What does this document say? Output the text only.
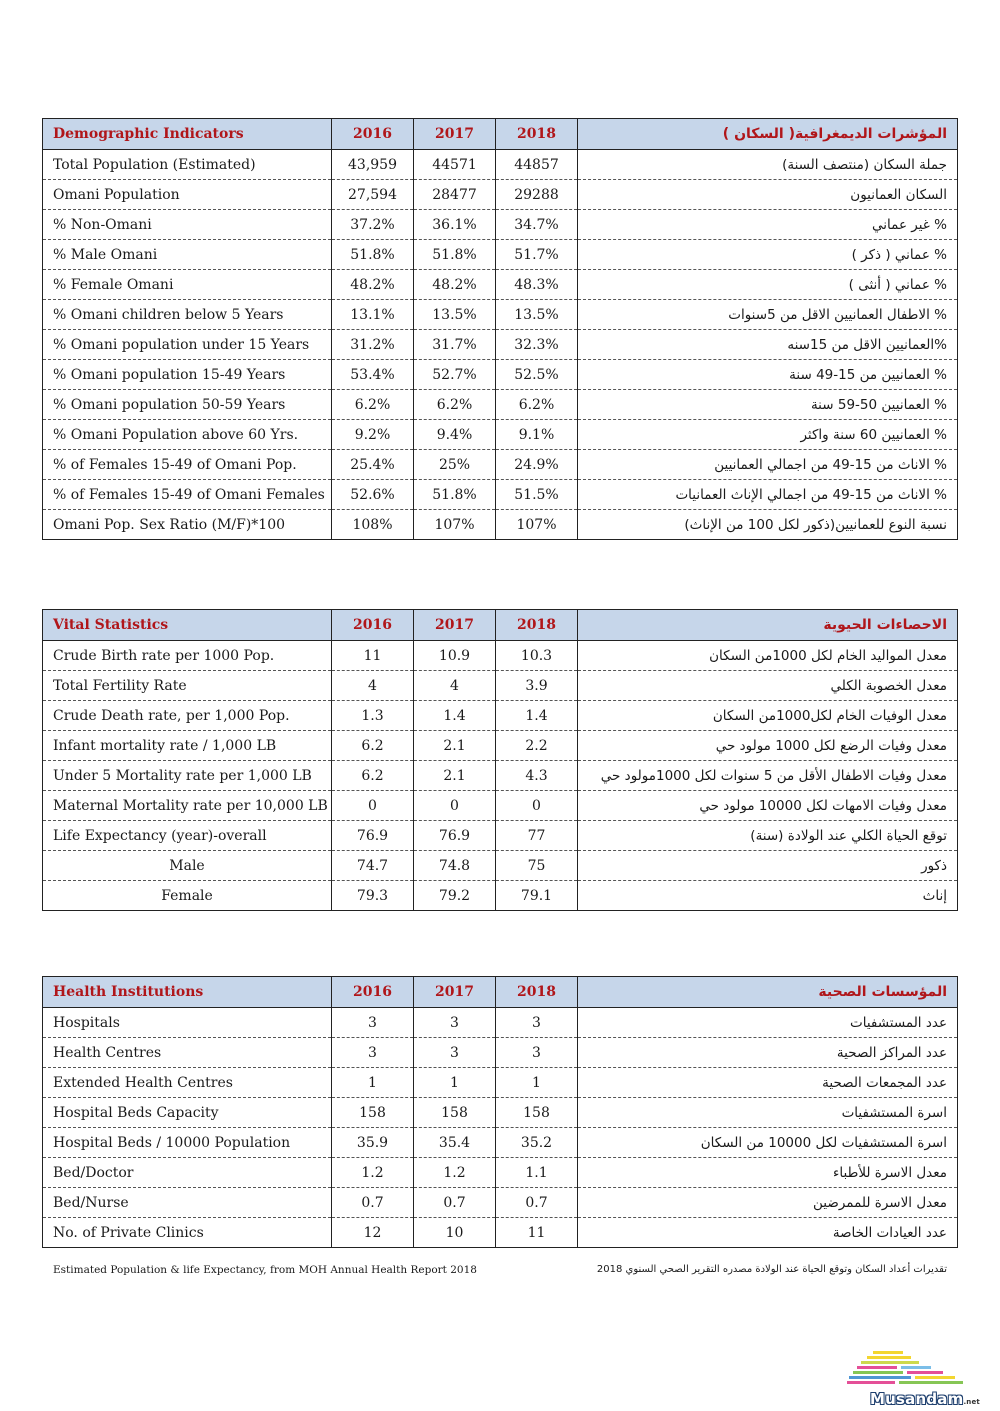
Demographic Indicators	2016	2017	2018	المؤشرات الديمغرافية( السكان )
Total Population (Estimated)	43,959	44571	44857	جملة السكان (منتصف السنة)
Omani Population	27,594	28477	29288	السكان العمانيون
% Non-Omani	37.2%	36.1%	34.7%	% غير عماني
% Male Omani	51.8%	51.8%	51.7%	% عماني ( ذكر )
% Female Omani	48.2%	48.2%	48.3%	% عماني ( أنثى )
% Omani children below 5 Years	13.1%	13.5%	13.5%	% الاطفال العمانيين الاقل من 5سنوات
% Omani population under 15 Years	31.2%	31.7%	32.3%	%العمانيين الاقل من 15سنه
% Omani population 15-49 Years	53.4%	52.7%	52.5%	% العمانيين من 15-49 سنة
% Omani population 50-59 Years	6.2%	6.2%	6.2%	% العمانيين 50-59 سنة
% Omani Population above 60 Yrs.	9.2%	9.4%	9.1%	% العمانيين 60 سنة واكثر
% of Females 15-49 of Omani Pop.	25.4%	25%	24.9%	% الاناث من 15-49 من اجمالي العمانيين
% of Females 15-49 of Omani Females	52.6%	51.8%	51.5%	% الاناث من 15-49 من اجمالي الإناث العمانيات
Omani Pop. Sex Ratio (M/F)*100	108%	107%	107%	نسبة النوع للعمانيين(ذكور لكل 100 من الإناث)
Vital Statistics	2016	2017	2018	الاحصاءات الحيوية
Crude Birth rate per 1000 Pop.	11	10.9	10.3	معدل المواليد الخام لكل 1000من السكان
Total Fertility Rate	4	4	3.9	معدل الخصوبة الكلي
Crude Death rate, per 1,000 Pop.	1.3	1.4	1.4	معدل الوفيات الخام لكل1000من السكان
Infant mortality rate / 1,000 LB	6.2	2.1	2.2	معدل وفيات الرضع لكل 1000 مولود حي
Under 5 Mortality rate per 1,000 LB	6.2	2.1	4.3	معدل وفيات الاطفال الأقل من 5 سنوات لكل 1000مولود حي
Maternal Mortality rate per 10,000 LB	0	0	0	معدل وفيات الامهات لكل 10000 مولود حي
Life Expectancy (year)-overall	76.9	76.9	77	توقع الحياة الكلي عند الولادة (سنة)
Male	74.7	74.8	75	ذكور
Female	79.3	79.2	79.1	إناث
Health Institutions	2016	2017	2018	المؤسسات الصحية
Hospitals	3	3	3	عدد المستشفيات
Health Centres	3	3	3	عدد المراكز الصحية
Extended Health Centres	1	1	1	عدد المجمعات الصحية
Hospital Beds Capacity	158	158	158	اسرة المستشفيات
Hospital Beds / 10000 Population	35.9	35.4	35.2	اسرة المستشفيات لكل 10000 من السكان
Bed/Doctor	1.2	1.2	1.1	معدل الاسرة للأطباء
Bed/Nurse	0.7	0.7	0.7	معدل الاسرة للممرضين
No. of Private Clinics	12	10	11	عدد العيادات الخاصة
Estimated Population & life Expectancy, from MOH Annual Health Report 2018	تقديرات أعداد السكان وتوقع الحياة عند الولادة مصدره التقرير الصحي السنوي 2018
Musandam.net
